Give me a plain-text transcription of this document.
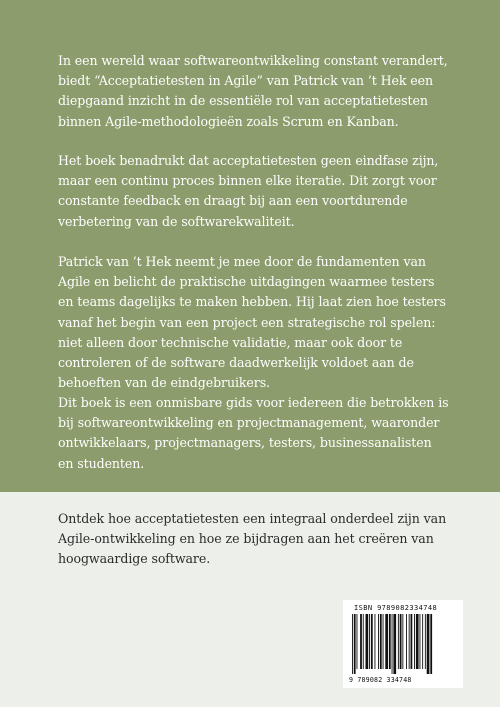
In een wereld waar softwareontwikkeling constant verandert, biedt “Acceptatietesten in Agile” van Patrick van ’t Hek een diepgaand inzicht in de essentiële rol van acceptatietesten binnen Agile-methodologieën zoals Scrum en Kanban.

Het boek benadrukt dat acceptatietesten geen eindfase zijn, maar een continu proces binnen elke iteratie. Dit zorgt voor constante feedback en draagt bij aan een voortdurende verbetering van de softwarekwaliteit.

Patrick van ’t Hek neemt je mee door de fundamenten van Agile en belicht de praktische uitdagingen waarmee testers en teams dagelijks te maken hebben. Hij laat zien hoe testers vanaf het begin van een project een strategische rol spelen: niet alleen door technische validatie, maar ook door te controleren of de software daadwerkelijk voldoet aan de behoeften van de eindgebruikers.

Dit boek is een onmisbare gids voor iedereen die betrokken is bij softwareontwikkeling en projectmanagement, waaronder ontwikkelaars, projectmanagers, testers, businessanalisten en studenten.

Ontdek hoe acceptatietesten een integraal onderdeel zijn van Agile-ontwikkeling en hoe ze bijdragen aan het creëren van hoogwaardige software.

ISBN 9789082334748
9 789082 334748
